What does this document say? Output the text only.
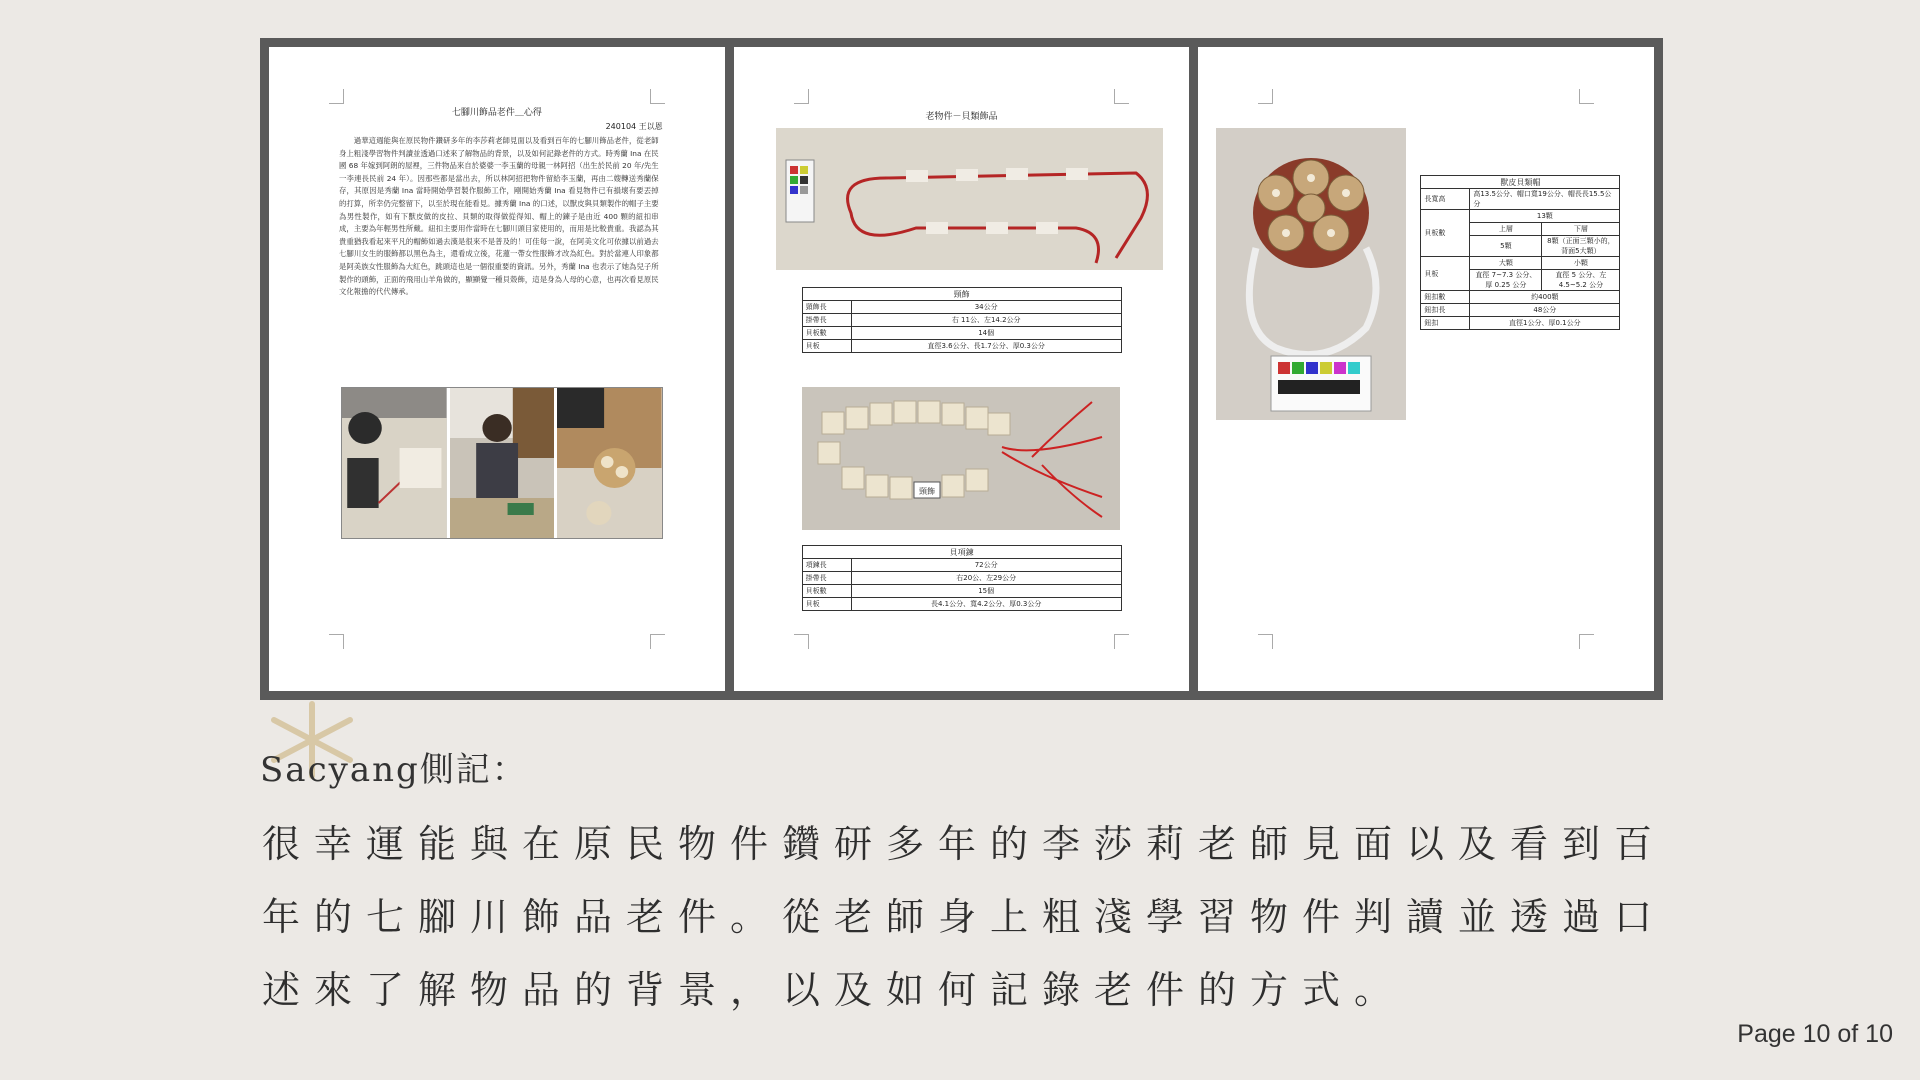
七腳川飾品老件＿心得
240104 王以恩
過華這週能與在原民物件鑽研多年的李莎莉老師見面以及看到百年的七腳川飾品老件，從老師身上粗淺學習物件判讀並透過口述來了解物品的背景，以及如何記錄老件的方式。時秀蘭 Ina 在民國 68 年嫁到阿朗的屋裡，三件物品來自於婆婆一李玉蘭的母親一林阿招（出生於民前 20 年/先生一李連長民前 24 年）。因那些都是當出去，所以林阿招把物件留給李玉蘭，再由二嫂轉送秀蘭保存，其原因是秀蘭 Ina 當時開始學習製作服飾工作，剛開始秀蘭 Ina 看見物件已有損壞有要丟掉的打算，所幸仍完整留下，以至於現在能看見。據秀蘭 Ina 的口述，以獸皮與貝類製作的帽子主要為男性製作，如有下獸皮做的皮拉、貝類的取得做從得知、帽上的鍊子是由近 400 顆的紐扣串成，主要為年輕男性所戴。紐扣主要用作當時在七腳川頭目家使用的，而用是比較貴重。我認為其貴重猶我看起來平凡的帽飾如過去漢是很來不是普及的！可佳每一說，在阿美文化可依據以前過去七腳川女生的服飾都以黑色為主，還看成立後，花蓮一帶女性服飾才改為紅色。對於當連人印象都是阿美族女性服飾為大紅色，跳頭這也是一個很重要的資訊。另外，秀蘭 Ina 也表示了她為兒子所製作的頭飾，正面的飛用山羊角做的，顯顯覺一種貝殼飾，這是身為人母的心意，也再次看見原民文化報擔的代代傳承。
老物件－貝類飾品
頸飾	
頸飾長	34公分
掛帶長	右 11公、左14.2公分
貝板數	14個
貝板	直徑3.6公分、長1.7公分、厚0.3公分
頸飾
貝項鍊	
項鍊長	72公分
掛帶長	右20公、左29公分
貝板數	15個
貝板	長4.1公分、寬4.2公分、厚0.3公分
獸皮貝類帽		
長寬高	高13.5公分、帽口寬19公分、帽長長15.5公分	
貝板數	13顆	
	上層	下層
	5顆	8顆（正面三顆小的，背面5大顆）
貝板	大顆	小顆
	直徑 7~7.3 公分、厚 0.25 公分	直徑 5 公分、左 4.5~5.2 公分
鈕扣數	約400顆	
鈕扣長	48公分	
鈕扣	直徑1公分、厚0.1公分	
Sacyang側記：
很幸運能與在原民物件鑽研多年的李莎莉老師見面以及看到百年的七腳川飾品老件。從老師身上粗淺學習物件判讀並透過口述來了解物品的背景，以及如何記錄老件的方式。
Page 10 of 10
